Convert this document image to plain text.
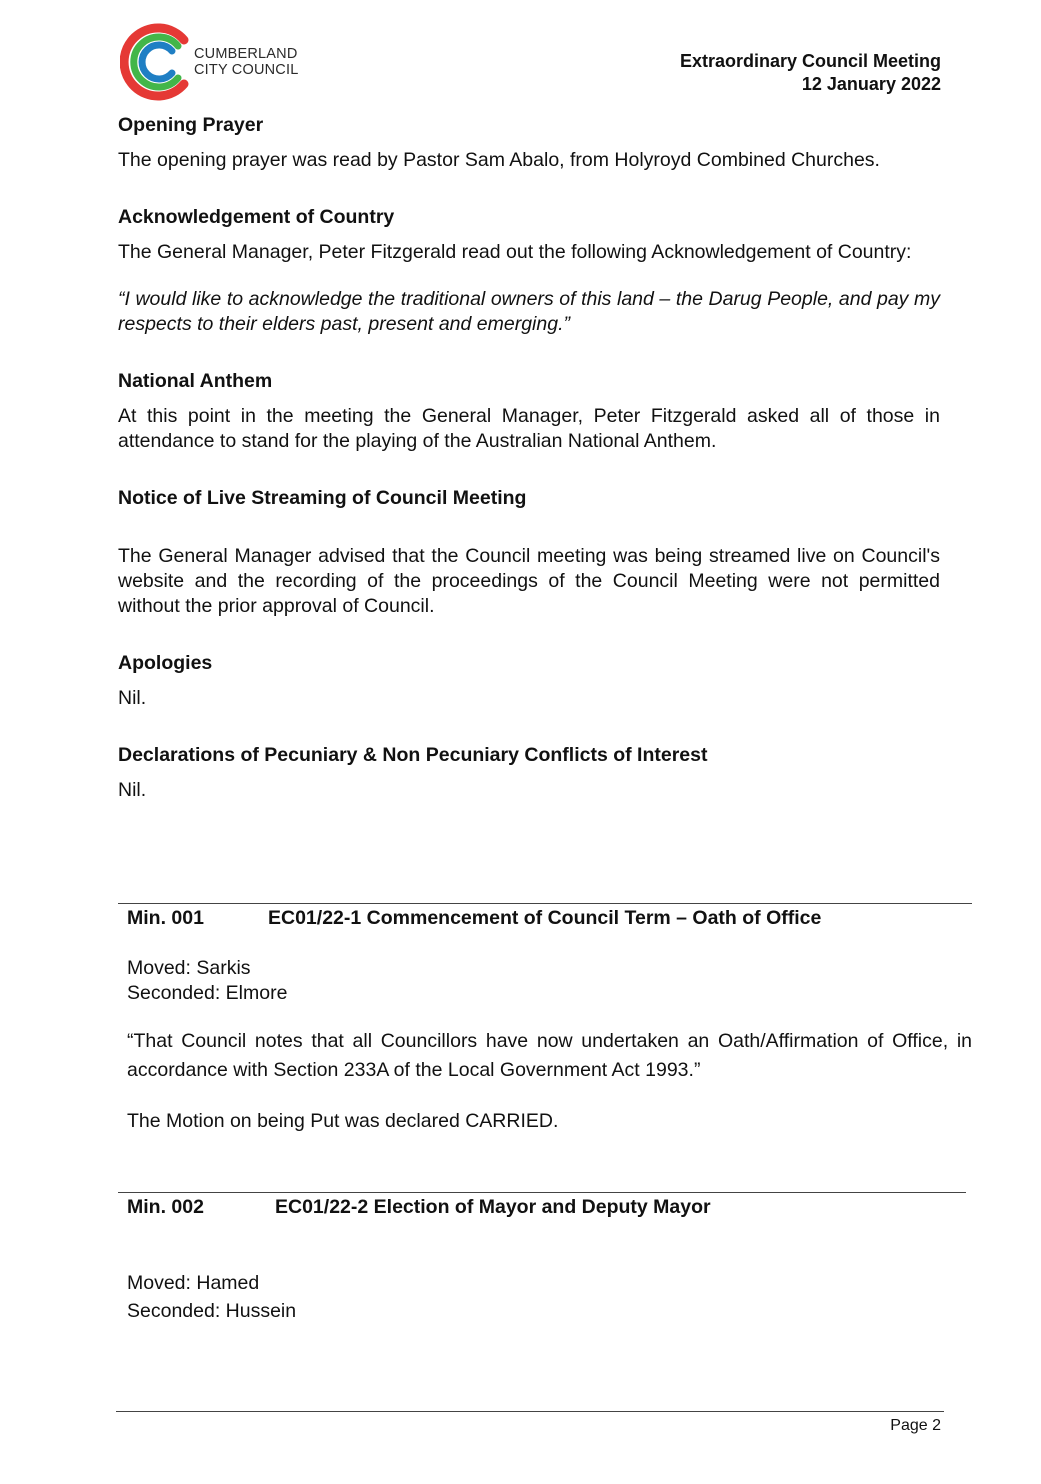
CUMBERLAND
CITY COUNCIL	Extraordinary Council Meeting
12 January 2022
Opening Prayer
The opening prayer was read by Pastor Sam Abalo, from Holyroyd Combined Churches.
Acknowledgement of Country
The General Manager, Peter Fitzgerald read out the following Acknowledgement of Country:
“I would like to acknowledge the traditional owners of this land – the Darug People, and pay my respects to their elders past, present and emerging.”
National Anthem
At this point in the meeting the General Manager, Peter Fitzgerald asked all of those in attendance to stand for the playing of the Australian National Anthem.
Notice of Live Streaming of Council Meeting
The General Manager advised that the Council meeting was being streamed live on Council's website and the recording of the proceedings of the Council Meeting were not permitted without the prior approval of Council.
Apologies
Nil.
Declarations of Pecuniary & Non Pecuniary Conflicts of Interest
Nil.
Min. 001	EC01/22-1 Commencement of Council Term – Oath of Office
Moved: Sarkis
Seconded: Elmore
“That Council notes that all Councillors have now undertaken an Oath/Affirmation of Office, in accordance with Section 233A of the Local Government Act 1993.”
The Motion on being Put was declared CARRIED.
Min. 002	EC01/22-2 Election of Mayor and Deputy Mayor
Moved: Hamed
Seconded: Hussein
Page 2
